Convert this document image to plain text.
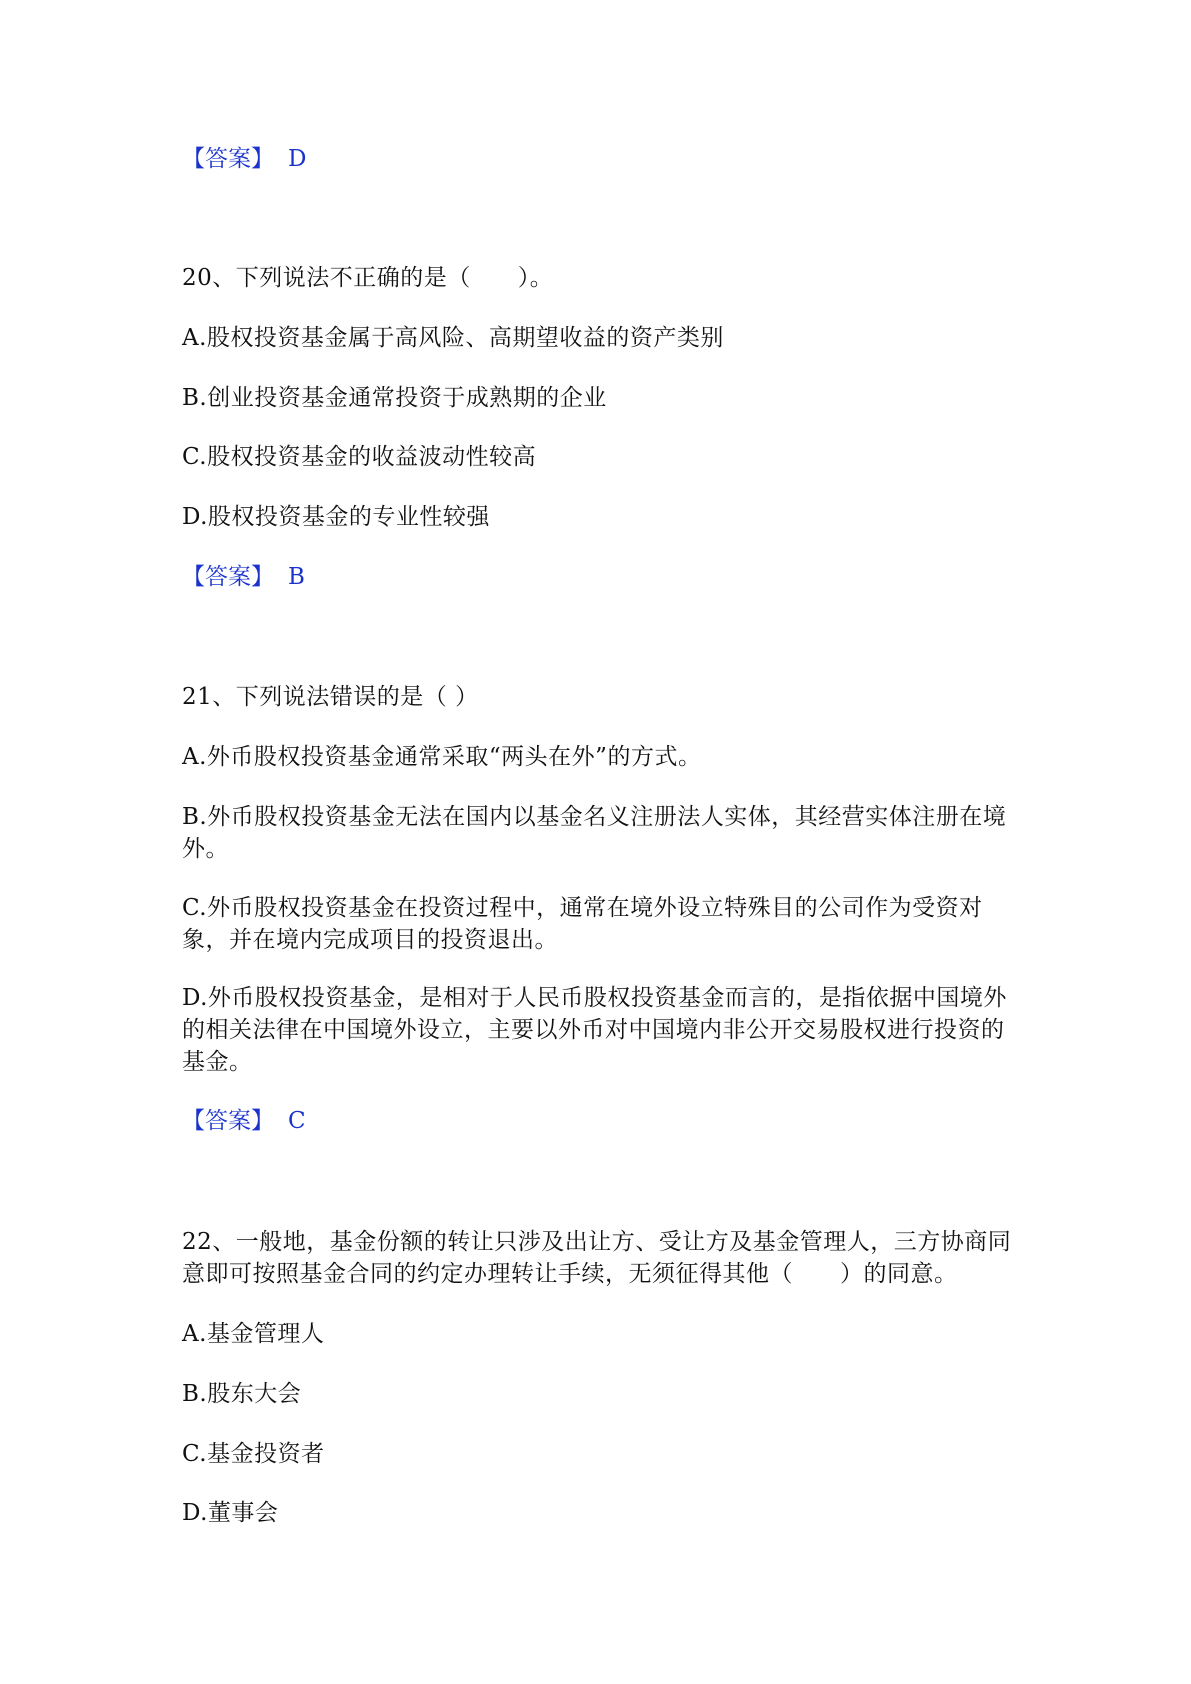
【答案】 D
20、下列说法不正确的是（　　）。
A.股权投资基金属于高风险、高期望收益的资产类别
B.创业投资基金通常投资于成熟期的企业
C.股权投资基金的收益波动性较高
D.股权投资基金的专业性较强
【答案】 B
21、下列说法错误的是（ ）
A.外币股权投资基金通常采取“两头在外”的方式。
B.外币股权投资基金无法在国内以基金名义注册法人实体，其经营实体注册在境外。
C.外币股权投资基金在投资过程中，通常在境外设立特殊目的公司作为受资对象，并在境内完成项目的投资退出。
D.外币股权投资基金，是相对于人民币股权投资基金而言的，是指依据中国境外的相关法律在中国境外设立，主要以外币对中国境内非公开交易股权进行投资的基金。
【答案】 C
22、一般地，基金份额的转让只涉及出让方、受让方及基金管理人，三方协商同意即可按照基金合同的约定办理转让手续，无须征得其他（　　）的同意。
A.基金管理人
B.股东大会
C.基金投资者
D.董事会
